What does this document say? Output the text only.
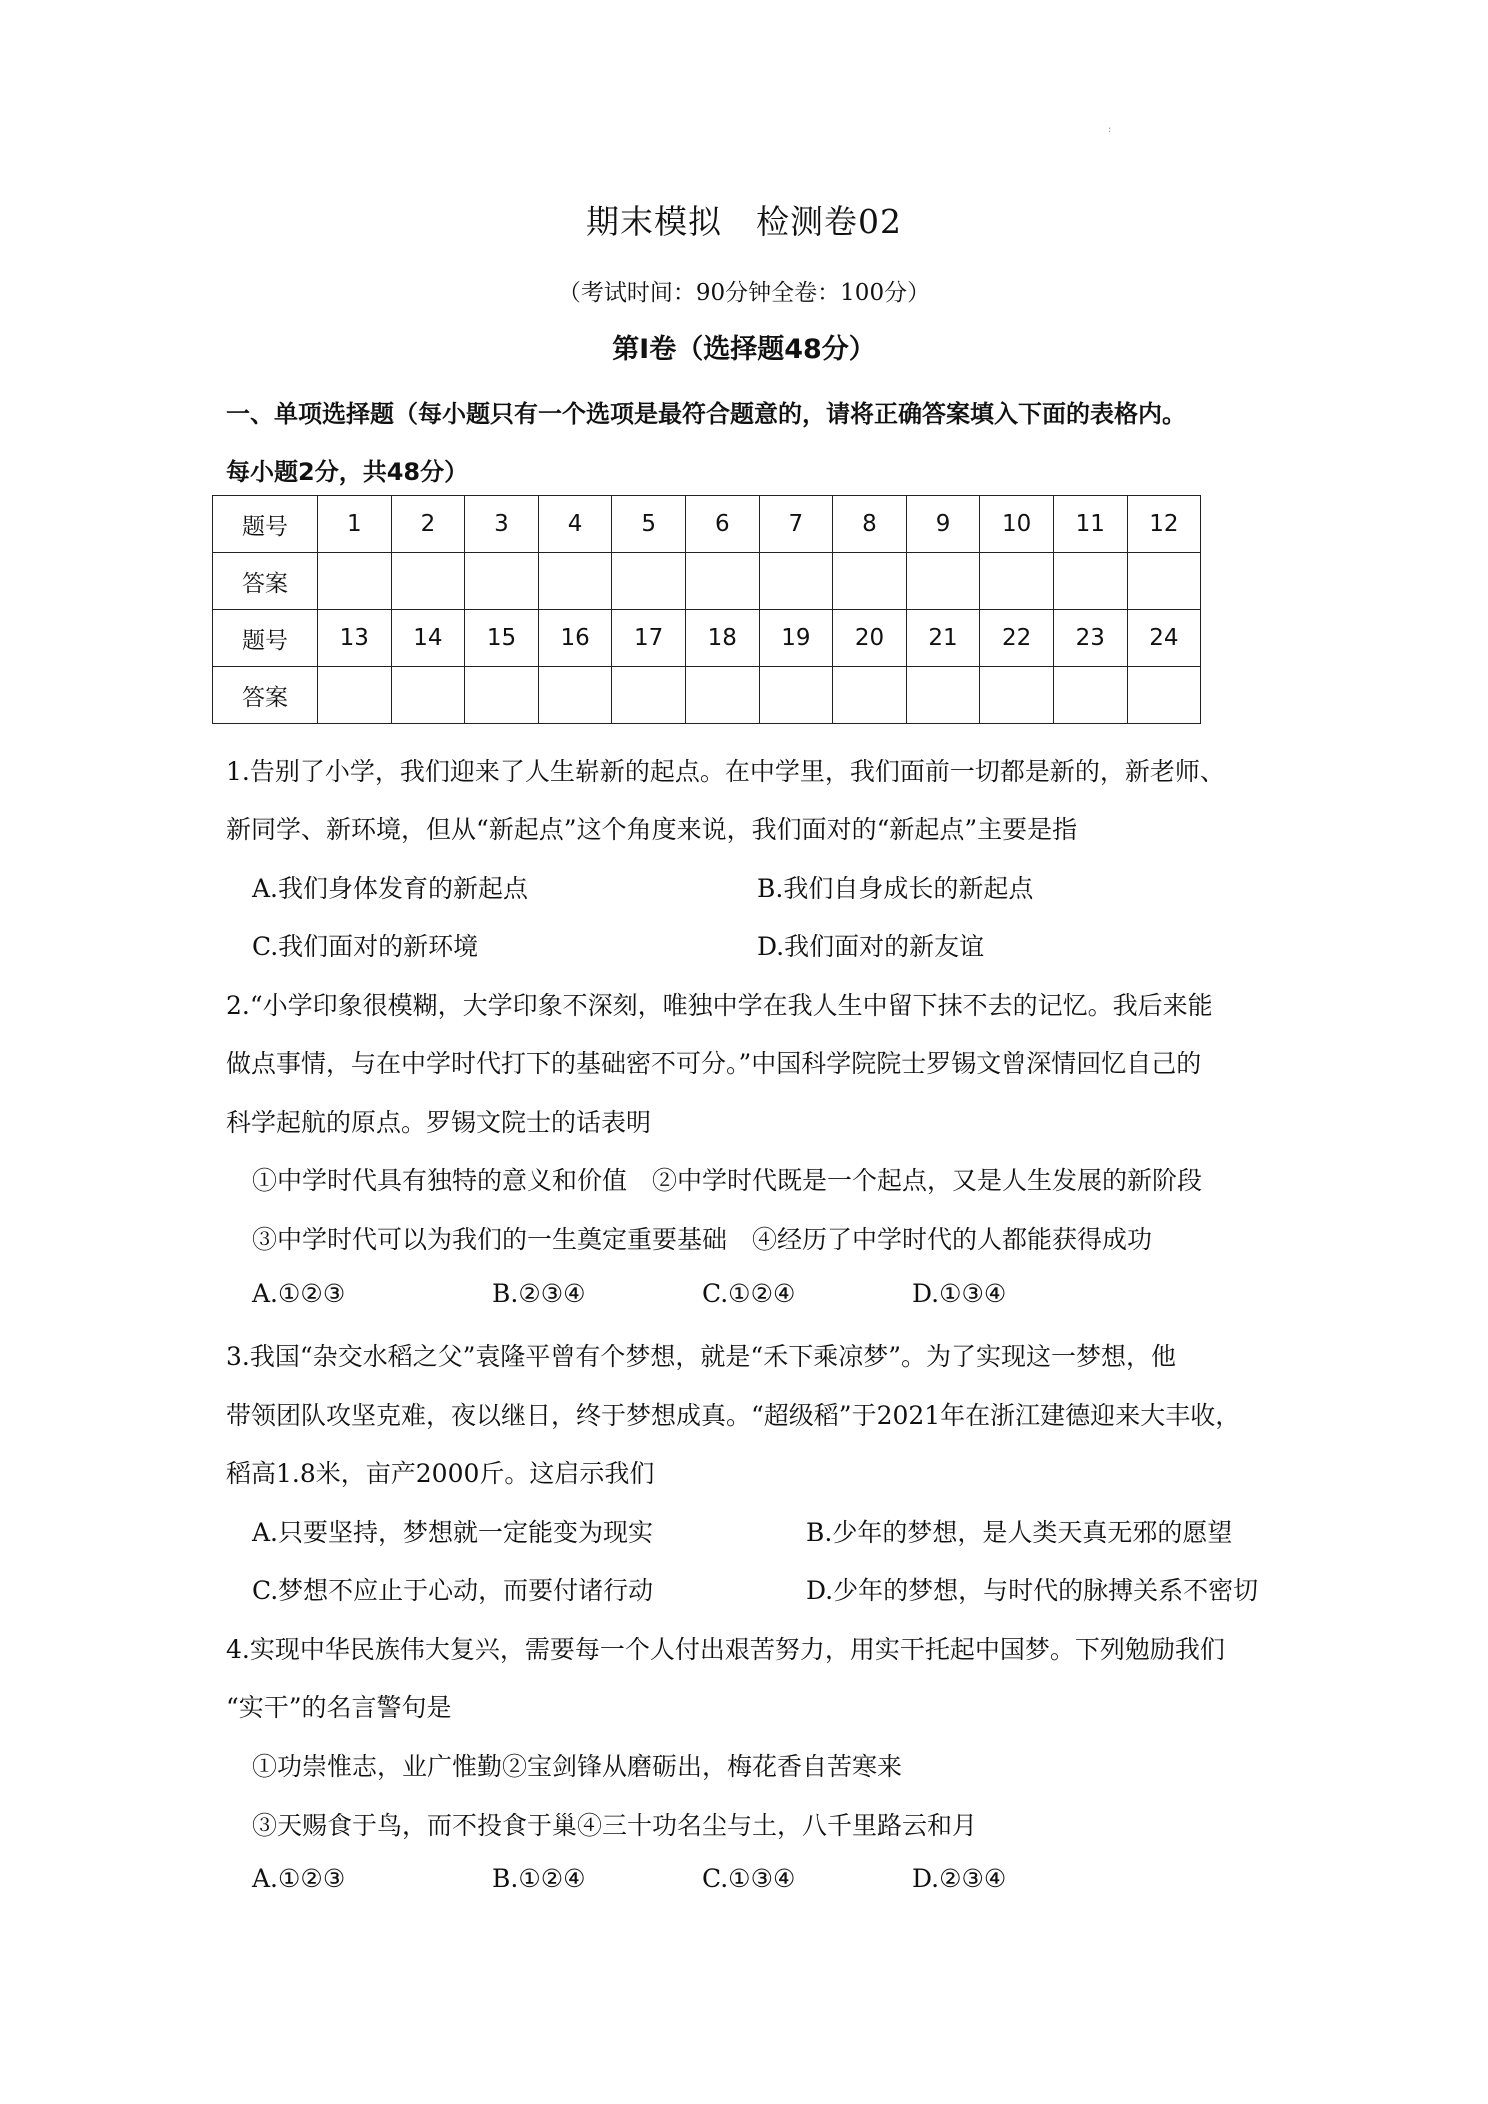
:
期末模拟　检测卷02
（考试时间：90分钟全卷：100分）
第Ⅰ卷（选择题48分）
一、单项选择题（每小题只有一个选项是最符合题意的，请将正确答案填入下面的表格内。
每小题2分，共48分）
题号	1	2	3	4	5	6	7	8	9	10	11	12
答案												
题号	13	14	15	16	17	18	19	20	21	22	23	24
答案												
1.告别了小学，我们迎来了人生崭新的起点。在中学里，我们面前一切都是新的，新老师、
新同学、新环境，但从“新起点”这个角度来说，我们面对的“新起点”主要是指
A.我们身体发育的新起点	B.我们自身成长的新起点
C.我们面对的新环境	D.我们面对的新友谊
2.“小学印象很模糊，大学印象不深刻，唯独中学在我人生中留下抹不去的记忆。我后来能
做点事情，与在中学时代打下的基础密不可分。”中国科学院院士罗锡文曾深情回忆自己的
科学起航的原点。罗锡文院士的话表明
①中学时代具有独特的意义和价值　②中学时代既是一个起点，又是人生发展的新阶段
③中学时代可以为我们的一生奠定重要基础　④经历了中学时代的人都能获得成功
A.①②③	B.②③④	C.①②④	D.①③④
3.我国“杂交水稻之父”袁隆平曾有个梦想，就是“禾下乘凉梦”。为了实现这一梦想，他
带领团队攻坚克难，夜以继日，终于梦想成真。“超级稻”于2021年在浙江建德迎来大丰收，
稻高1.8米，亩产2000斤。这启示我们
A.只要坚持，梦想就一定能变为现实	B.少年的梦想，是人类天真无邪的愿望
C.梦想不应止于心动，而要付诸行动	D.少年的梦想，与时代的脉搏关系不密切
4.实现中华民族伟大复兴，需要每一个人付出艰苦努力，用实干托起中国梦。下列勉励我们
“实干”的名言警句是
①功崇惟志，业广惟勤②宝剑锋从磨砺出，梅花香自苦寒来
③天赐食于鸟，而不投食于巢④三十功名尘与土，八千里路云和月
A.①②③	B.①②④	C.①③④	D.②③④
